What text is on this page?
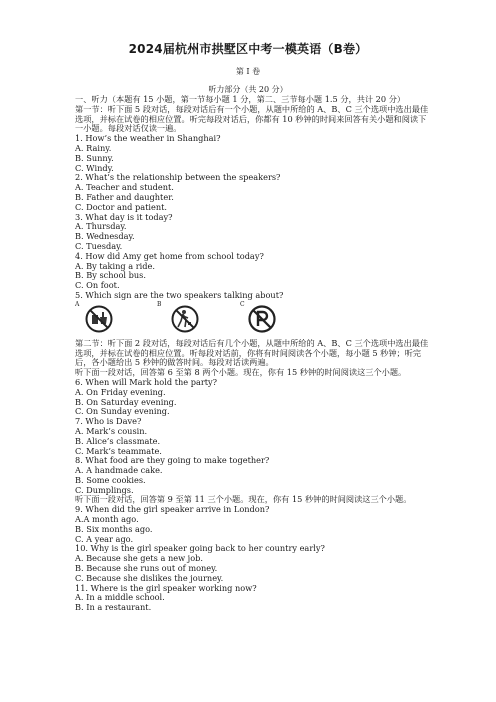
2024届杭州市拱墅区中考一模英语（B卷）
第 I 卷
听力部分（共 20 分）
一、听力（本题有 15 小题，第一节每小题 1 分，第二、三节每小题 1.5 分，共计 20 分）
第一节：听下面 5 段对话，每段对话后有一个小题，从题中所给的 A、B、C 三个选项中选出最佳选项，并标在试卷的相应位置。听完每段对话后，你都有 10 秒钟的时间来回答有关小题和阅读下一小题。每段对话仅读一遍。
1. How’s the weather in Shanghai?
A. Rainy.
B. Sunny.
C. Windy.
2. What’s the relationship between the speakers?
A. Teacher and student.
B. Father and daughter.
C. Doctor and patient.
3. What day is it today?
A. Thursday.
B. Wednesday.
C. Tuesday.
4. How did Amy get home from school today?
A. By taking a ride.
B. By school bus.
C. On foot.
5. Which sign are the two speakers talking about?
A	B	C
第二节：听下面 2 段对话，每段对话后有几个小题，从题中所给的 A、B、C 三个选项中选出最佳选项，并标在试卷的相应位置。听每段对话前，你将有时间阅读各个小题，每小题 5 秒钟；听完后，各小题给出 5 秒钟的做答时间。每段对话读两遍。
听下面一段对话，回答第 6 至第 8 两个小题。现在，你有 15 秒钟的时间阅读这三个小题。
6. When will Mark hold the party?
A. On Friday evening.
B. On Saturday evening.
C. On Sunday evening.
7. Who is Dave?
A. Mark’s cousin.
B. Alice’s classmate.
C. Mark’s teammate.
8. What food are they going to make together?
A. A handmade cake.
B. Some cookies.
C. Dumplings.
听下面一段对话，回答第 9 至第 11 三个小题。现在，你有 15 秒钟的时间阅读这三个小题。
9. When did the girl speaker arrive in London?
A.A month ago.
B. Six months ago.
C. A year ago.
10. Why is the girl speaker going back to her country early?
A. Because she gets a new job.
B. Because she runs out of money.
C. Because she dislikes the journey.
11. Where is the girl speaker working now?
A. In a middle school.
B. In a restaurant.
